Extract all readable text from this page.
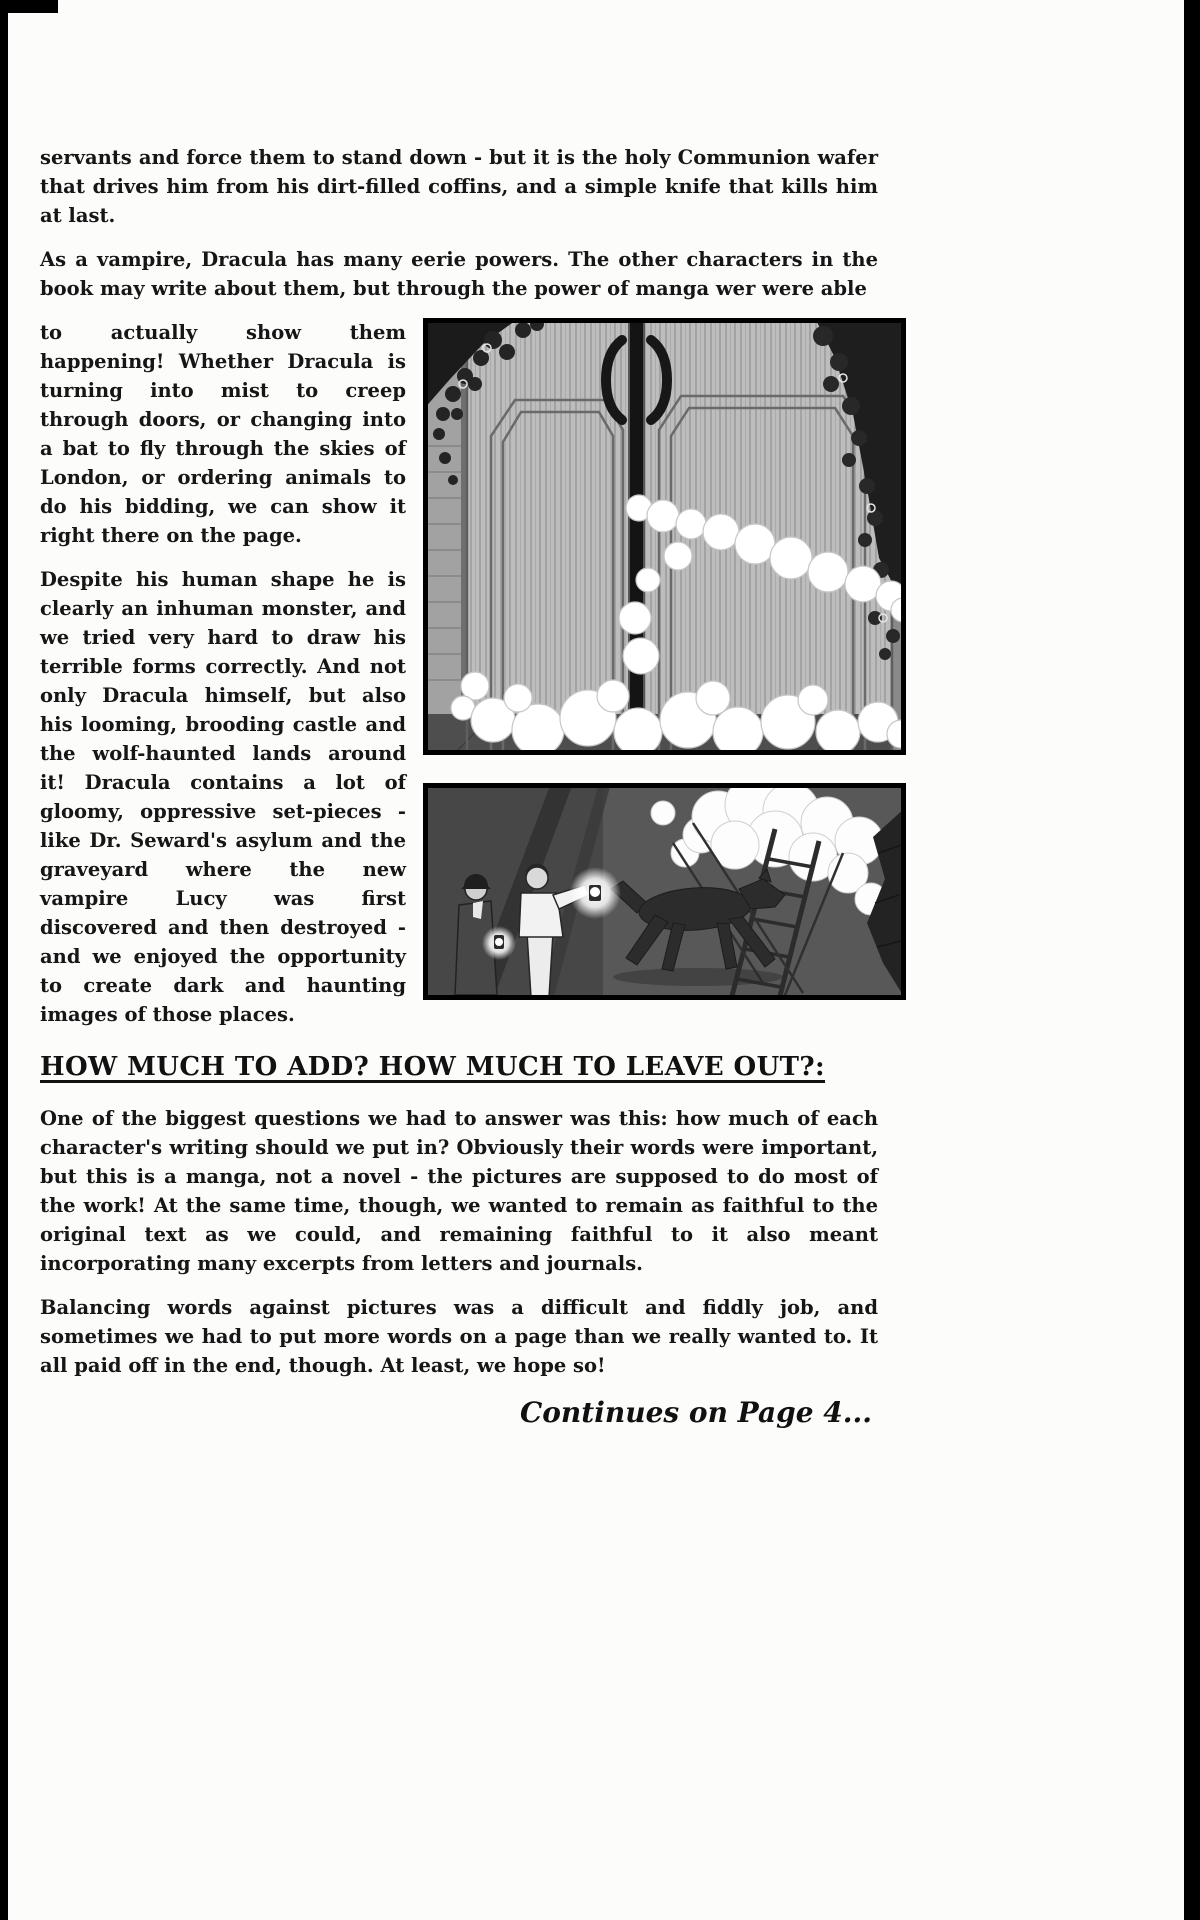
servants and force them to stand down - but it is the holy Communion wafer that drives him from his dirt-filled coffins, and a simple knife that kills him at last.

As a vampire, Dracula has many eerie powers. The other characters in the book may write about them, but through the power of manga wer were able

to actually show them happening! Whether Dracula is turning into mist to creep through doors, or changing into a bat to fly through the skies of London, or ordering animals to do his bidding, we can show it right there on the page.

Despite his human shape he is clearly an inhuman monster, and we tried very hard to draw his terrible forms correctly. And not only Dracula himself, but also his looming, brooding castle and the wolf-haunted lands around it! Dracula contains a lot of gloomy, oppressive set-pieces - like Dr. Seward's asylum and the graveyard where the new vampire Lucy was first discovered and then destroyed - and we enjoyed the opportunity to create dark and haunting images of those places.

HOW MUCH TO ADD? HOW MUCH TO LEAVE OUT?:

One of the biggest questions we had to answer was this: how much of each character's writing should we put in? Obviously their words were important, but this is a manga, not a novel - the pictures are supposed to do most of the work! At the same time, though, we wanted to remain as faithful to the original text as we could, and remaining faithful to it also meant incorporating many excerpts from letters and journals.

Balancing words against pictures was a difficult and fiddly job, and sometimes we had to put more words on a page than we really wanted to. It all paid off in the end, though. At least, we hope so!

Continues on Page 4...
